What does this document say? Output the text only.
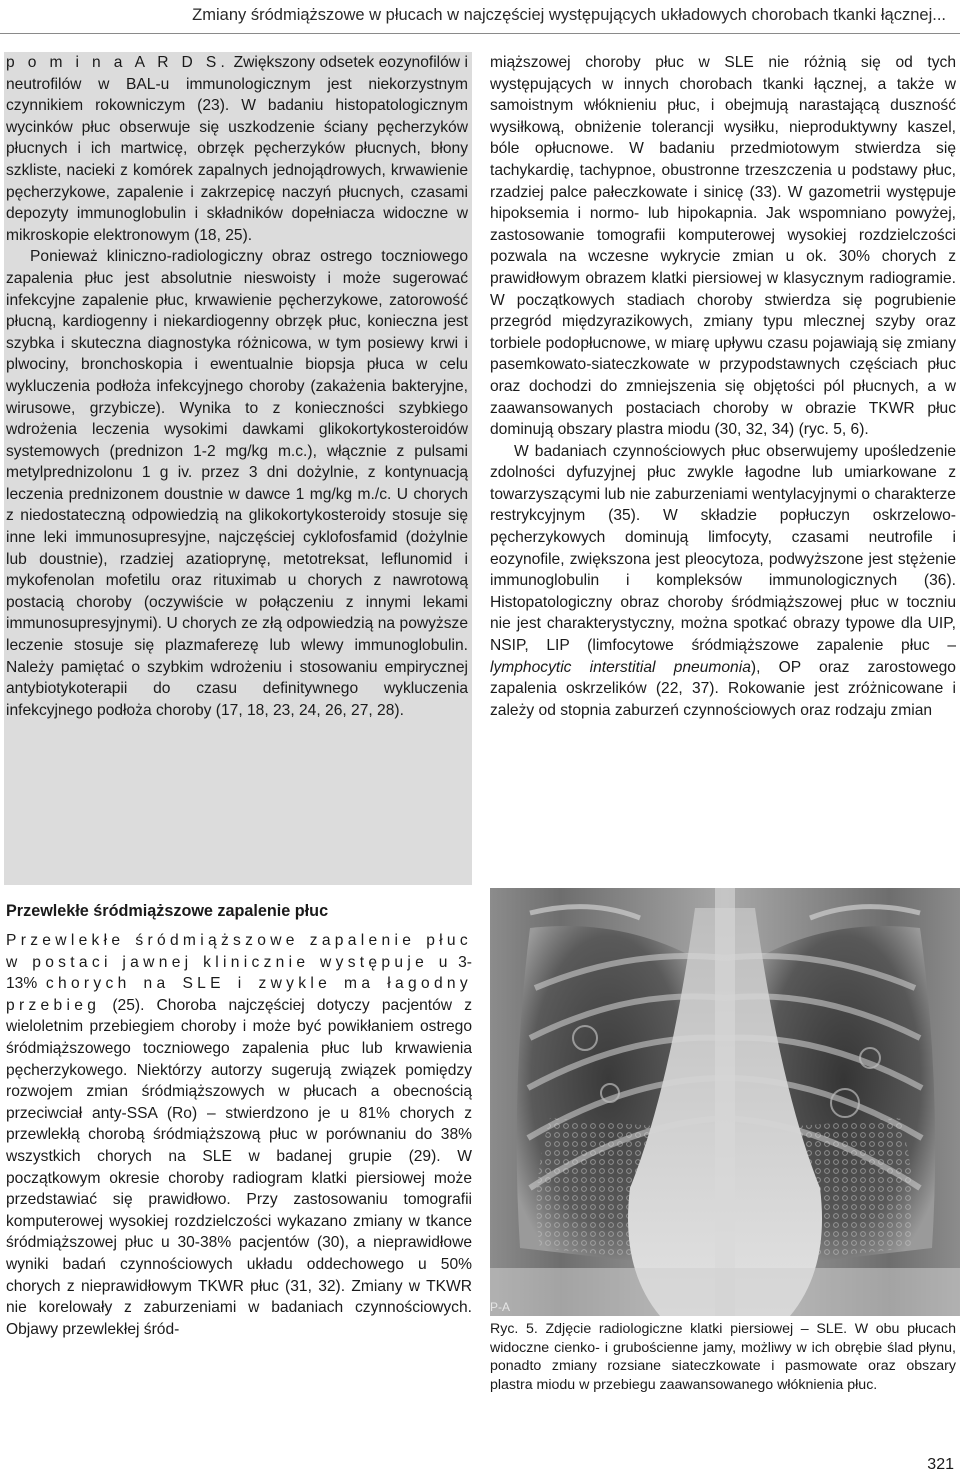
Zmiany śródmiąższowe w płucach w najczęściej występujących układowych chorobach tkanki łącznej...

p o m i n a A R D S. Zwiększony odsetek eozynofilów i neutrofilów w BAL-u immunologicznym jest niekorzystnym czynnikiem rokowniczym (23). W badaniu histopatologicznym wycinków płuc obserwuje się uszkodzenie ściany pęcherzyków płucnych i ich martwicę, obrzęk pęcherzyków płucnych, błony szkliste, nacieki z komórek zapalnych jednojądrowych, krwawienie pęcherzykowe, zapalenie i zakrzepicę naczyń płucnych, czasami depozyty immunoglobulin i składników dopełniacza widoczne w mikroskopie elektronowym (18, 25).

Ponieważ kliniczno-radiologiczny obraz ostrego toczniowego zapalenia płuc jest absolutnie nieswoisty i może sugerować infekcyjne zapalenie płuc, krwawienie pęcherzykowe, zatorowość płucną, kardiogenny i niekardiogenny obrzęk płuc, konieczna jest szybka i skuteczna diagnostyka różnicowa, w tym posiewy krwi i plwociny, bronchoskopia i ewentualnie biopsja płuca w celu wykluczenia podłoża infekcyjnego choroby (zakażenia bakteryjne, wirusowe, grzybicze). Wynika to z konieczności szybkiego wdrożenia leczenia wysokimi dawkami glikokortykosteroidów systemowych (prednizon 1-2 mg/kg m.c.), włącznie z pulsami metylprednizolonu 1 g iv. przez 3 dni dożylnie, z kontynuacją leczenia prednizonem doustnie w dawce 1 mg/kg m./c. U chorych z niedostateczną odpowiedzią na glikokortykosteroidy stosuje się inne leki immunosupresyjne, najczęściej cyklofosfamid (dożylnie lub doustnie), rzadziej azatioprynę, metotreksat, leflunomid i mykofenolan mofetilu oraz rituximab u chorych z nawrotową postacią choroby (oczywiście w połączeniu z innymi lekami immunosupresyjnymi). U chorych ze złą odpowiedzią na powyższe leczenie stosuje się plazmaferezę lub wlewy immunoglobulin. Należy pamiętać o szybkim wdrożeniu i stosowaniu empirycznej antybiotykoterapii do czasu definitywnego wykluczenia infekcyjnego podłoża choroby (17, 18, 23, 24, 26, 27, 28).

Przewlekłe śródmiąższowe zapalenie płuc

Przewlekłe śródmiąższowe zapalenie płuc w postaci jawnej klinicznie występuje u 3-13% chorych na SLE i zwykle ma łagodny przebieg (25). Choroba najczęściej dotyczy pacjentów z wieloletnim przebiegiem choroby i może być powikłaniem ostrego śródmiąższowego toczniowego zapalenia płuc lub krwawienia pęcherzykowego. Niektórzy autorzy sugerują związek pomiędzy rozwojem zmian śródmiąższowych w płucach a obecnością przeciwciał anty-SSA (Ro) – stwierdzono je u 81% chorych z przewlekłą chorobą śródmiąższową płuc w porównaniu do 38% wszystkich chorych na SLE w badanej grupie (29). W początkowym okresie choroby radiogram klatki piersiowej może przedstawiać się prawidłowo. Przy zastosowaniu tomografii komputerowej wysokiej rozdzielczości wykazano zmiany w tkance śródmiąższowej płuc u 30-38% pacjentów (30), a nieprawidłowe wyniki badań czynnościowych układu oddechowego u 50% chorych z nieprawidłowym TKWR płuc (31, 32). Zmiany w TKWR nie korelowały z zaburzeniami w badaniach czynnościowych. Objawy przewlekłej śród-

miąższowej choroby płuc w SLE nie różnią się od tych występujących w innych chorobach tkanki łącznej, a także w samoistnym włóknieniu płuc, i obejmują narastającą duszność wysiłkową, obniżenie tolerancji wysiłku, nieproduktywny kaszel, bóle opłucnowe. W badaniu przedmiotowym stwierdza się tachykardię, tachypnoe, obustronne trzeszczenia u podstawy płuc, rzadziej palce pałeczkowate i sinicę (33). W gazometrii występuje hipoksemia i normo- lub hipokapnia. Jak wspomniano powyżej, zastosowanie tomografii komputerowej wysokiej rozdzielczości pozwala na wczesne wykrycie zmian u ok. 30% chorych z prawidłowym obrazem klatki piersiowej w klasycznym radiogramie. W początkowych stadiach choroby stwierdza się pogrubienie przegród międzyrazikowych, zmiany typu mlecznej szyby oraz torbiele podopłucnowe, w miarę upływu czasu pojawiają się zmiany pasemkowato-siateczkowate w przypodstawnych częściach płuc oraz dochodzi do zmniejszenia się objętości pól płucnych, a w zaawansowanych postaciach choroby w obrazie TKWR płuc dominują obszary plastra miodu (30, 32, 34) (ryc. 5, 6).

W badaniach czynnościowych płuc obserwujemy upośledzenie zdolności dyfuzyjnej płuc zwykle łagodne lub umiarkowane z towarzyszącymi lub nie zaburzeniami wentylacyjnymi o charakterze restrykcyjnym (35). W składzie popłuczyn oskrzelowo-pęcherzykowych dominują limfocyty, czasami neutrofile i eozynofile, zwiększona jest pleocytoza, podwyższone jest stężenie immunoglobulin i kompleksów immunologicznych (36). Histopatologiczny obraz choroby śródmiąższowej płuc w toczniu nie jest charakterystyczny, można spotkać obrazy typowe dla UIP, NSIP, LIP (limfocytowe śródmiąższowe zapalenie płuc – lymphocytic interstitial pneumonia), OP oraz zarostowego zapalenia oskrzelików (22, 37). Rokowanie jest zróżnicowane i zależy od stopnia zaburzeń czynnościowych oraz rodzaju zmian

P-A
Ryc. 5. Zdjęcie radiologiczne klatki piersiowej – SLE. W obu płucach widoczne cienko- i grubościenne jamy, możliwy w ich obrębie ślad płynu, ponadto zmiany rozsiane siateczkowate i pasmowate oraz obszary plastra miodu w przebiegu zaawansowanego włóknienia płuc.
321
